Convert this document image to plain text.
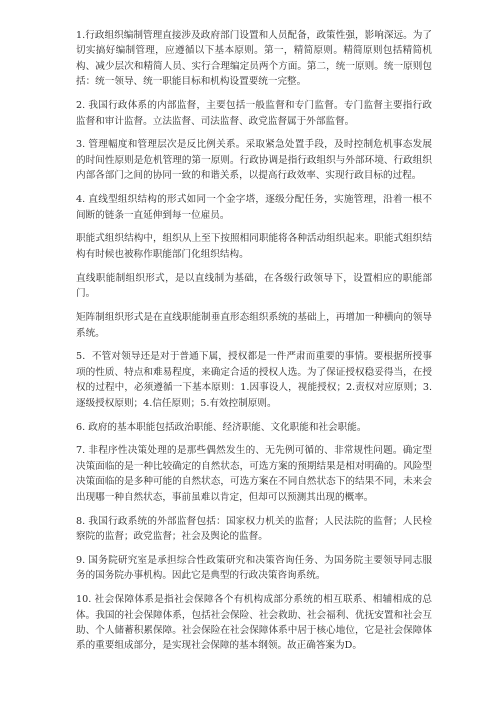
1.行政组织编制管理直接涉及政府部门设置和人员配备，政策性强，影响深远。为了切实搞好编制管理，应遵循以下基本原则。第一，精简原则。精简原则包括精简机构、减少层次和精简人员、实行合理编定员两个方面。第二，统一原则。统一原则包括：统一领导、统一职能目标和机构设置要统一完整。

2. 我国行政体系的内部监督，主要包括一般监督和专门监督。专门监督主要指行政监督和审计监督。立法监督、司法监督、政党监督属于外部监督。

3. 管理幅度和管理层次是反比例关系。采取紧急处置手段，及时控制危机事态发展的时间性原则是危机管理的第一原则。行政协调是指行政组织与外部环境、行政组织内部各部门之间的协同一致的和谐关系，以提高行政效率、实现行政目标的过程。

4. 直线型组织结构的形式如同一个金字塔，逐级分配任务，实施管理，沿着一根不间断的链条一直延伸到每一位雇员。

职能式组织结构中，组织从上至下按照相同职能将各种活动组织起来。职能式组织结构有时候也被称作职能部门化组织结构。

直线职能制组织形式，是以直线制为基础，在各级行政领导下，设置相应的职能部门。

矩阵制组织形式是在直线职能制垂直形态组织系统的基础上，再增加一种横向的领导系统。

5．不管对领导还是对于普通下属，授权都是一件严肃而重要的事情。要根据所授事项的性质、特点和难易程度，来确定合适的授权人选。为了保证授权稳妥得当，在授权的过程中，必须遵循一下基本原则：1.因事设人，视能授权；2.责权对应原则；3.逐级授权原则；4.信任原则；5.有效控制原则。

6. 政府的基本职能包括政治职能、经济职能、文化职能和社会职能。

7. 非程序性决策处理的是那些偶然发生的、无先例可循的、非常规性问题。确定型决策面临的是一种比较确定的自然状态，可选方案的预期结果是相对明确的。风险型决策面临的是多种可能的自然状态，可选方案在不同自然状态下的结果不同，未来会出现哪一种自然状态，事前虽难以肯定，但却可以预测其出现的概率。

8. 我国行政系统的外部监督包括：国家权力机关的监督；人民法院的监督；人民检察院的监督；政党监督；社会及舆论的监督。

9. 国务院研究室是承担综合性政策研究和决策咨询任务、为国务院主要领导同志服务的国务院办事机构。因此它是典型的行政决策咨询系统。

10. 社会保障体系是指社会保障各个有机构成部分系统的相互联系、相辅相成的总体。我国的社会保障体系，包括社会保险、社会救助、社会福利、优抚安置和社会互助、个人储蓄积累保障。社会保险在社会保障体系中居于核心地位，它是社会保障体系的重要组成部分，是实现社会保障的基本纲领。故正确答案为D。
